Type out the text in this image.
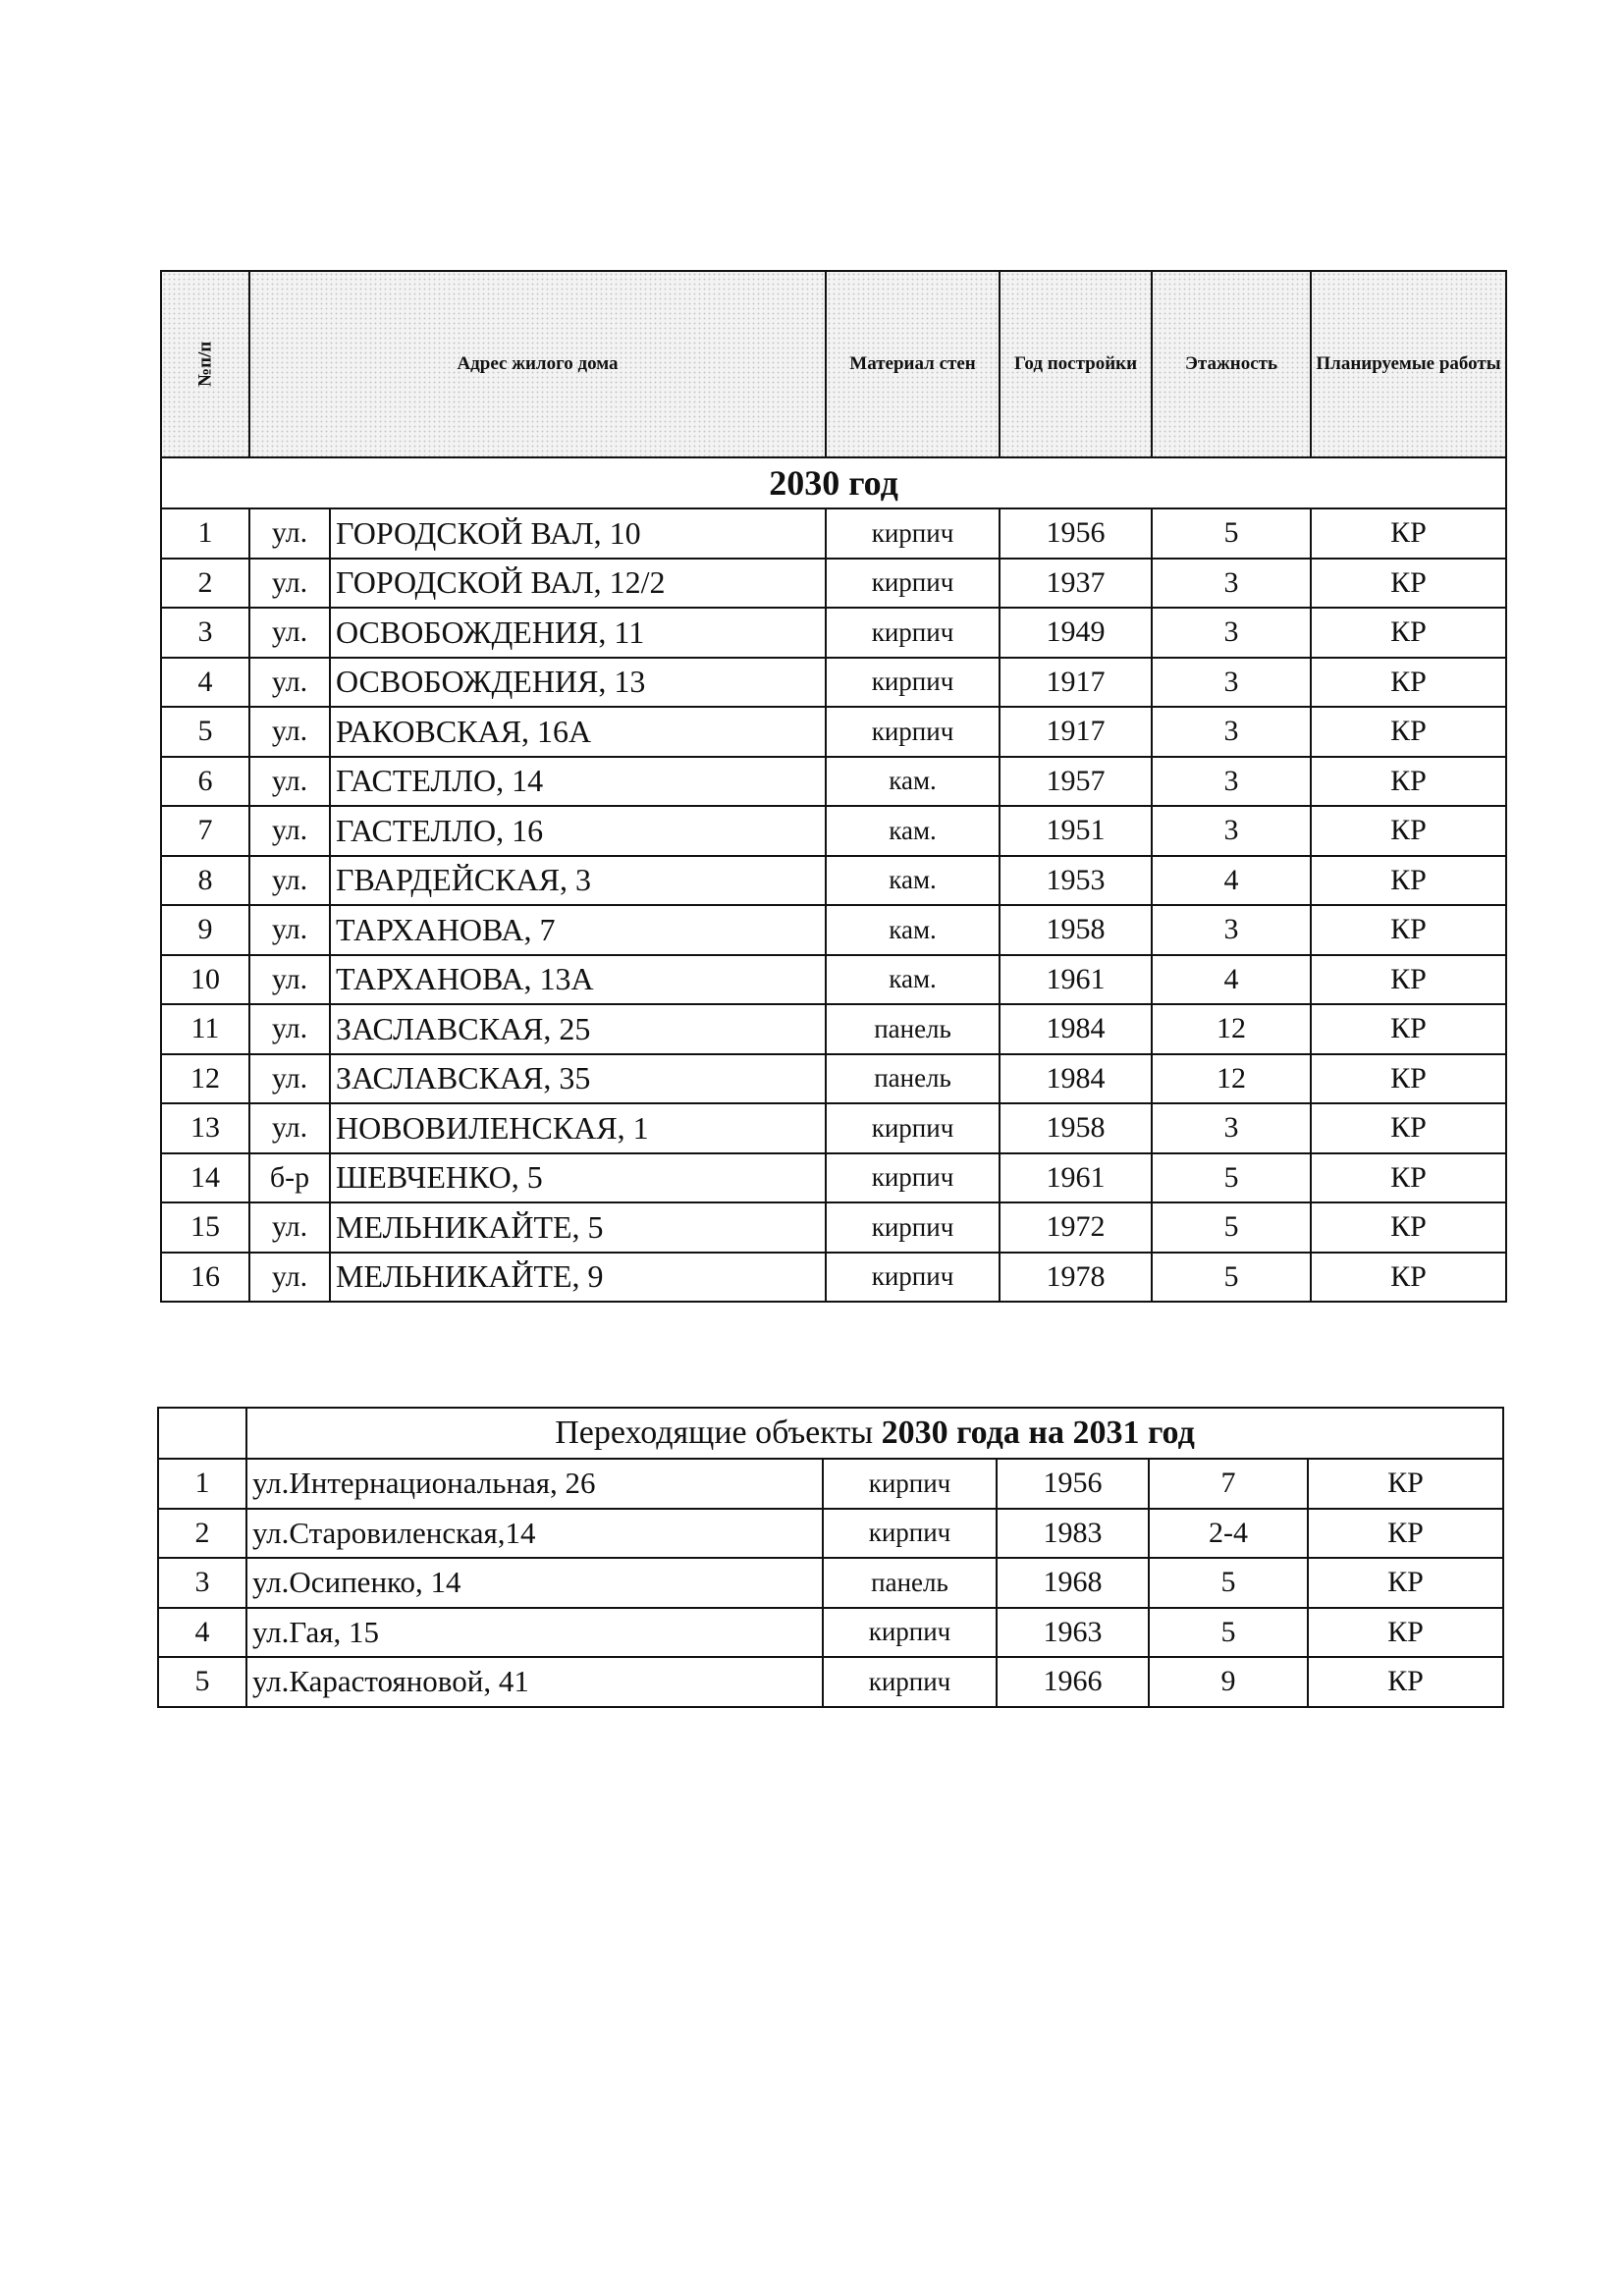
№п/п	Адрес жилого дома		Материал стен	Год постройки	Этажность	Планируемые работы
2030 год						
1	ул.	ГОРОДСКОЙ ВАЛ, 10	кирпич	1956	5	КР
2	ул.	ГОРОДСКОЙ ВАЛ, 12/2	кирпич	1937	3	КР
3	ул.	ОСВОБОЖДЕНИЯ, 11	кирпич	1949	3	КР
4	ул.	ОСВОБОЖДЕНИЯ, 13	кирпич	1917	3	КР
5	ул.	РАКОВСКАЯ, 16А	кирпич	1917	3	КР
6	ул.	ГАСТЕЛЛО, 14	кам.	1957	3	КР
7	ул.	ГАСТЕЛЛО, 16	кам.	1951	3	КР
8	ул.	ГВАРДЕЙСКАЯ, 3	кам.	1953	4	КР
9	ул.	ТАРХАНОВА, 7	кам.	1958	3	КР
10	ул.	ТАРХАНОВА, 13А	кам.	1961	4	КР
11	ул.	ЗАСЛАВСКАЯ, 25	панель	1984	12	КР
12	ул.	ЗАСЛАВСКАЯ, 35	панель	1984	12	КР
13	ул.	НОВОВИЛЕНСКАЯ, 1	кирпич	1958	3	КР
14	б-р	ШЕВЧЕНКО, 5	кирпич	1961	5	КР
15	ул.	МЕЛЬНИКАЙТЕ, 5	кирпич	1972	5	КР
16	ул.	МЕЛЬНИКАЙТЕ, 9	кирпич	1978	5	КР
	Переходящие объекты 2030 года на 2031 год				
1	ул.Интернациональная, 26	кирпич	1956	7	КР
2	ул.Старовиленская,14	кирпич	1983	2-4	КР
3	ул.Осипенко, 14	панель	1968	5	КР
4	ул.Гая, 15	кирпич	1963	5	КР
5	ул.Карастояновой, 41	кирпич	1966	9	КР
